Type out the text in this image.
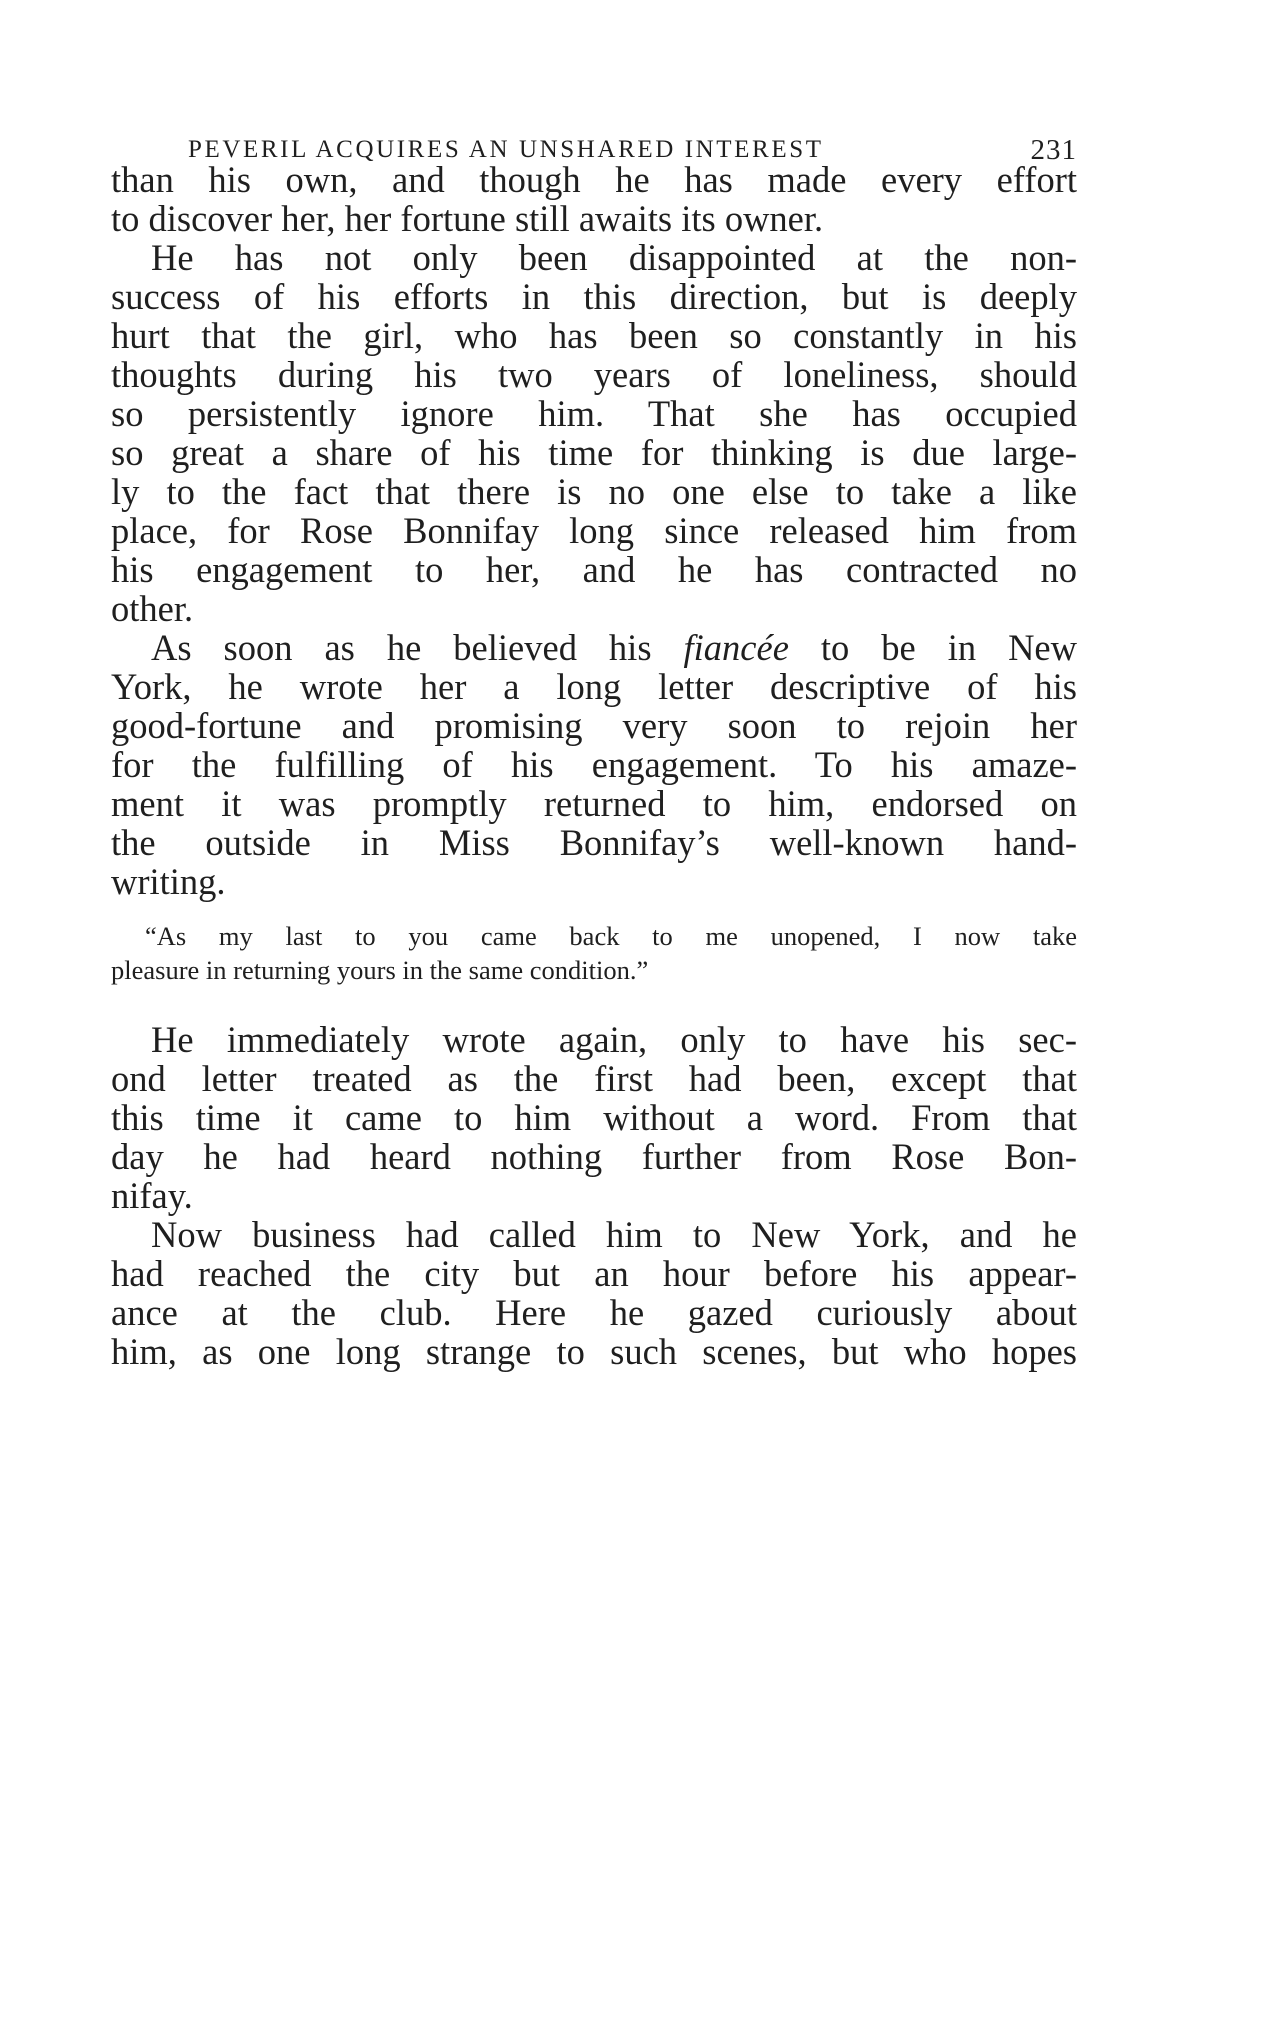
PEVERIL ACQUIRES AN UNSHARED INTEREST	231
than his own, and though he has made every effort
to discover her, her fortune still awaits its owner.
He has not only been disappointed at the non-
success of his efforts in this direction, but is deeply
hurt that the girl, who has been so constantly in his
thoughts during his two years of loneliness, should
so persistently ignore him. That she has occupied
so great a share of his time for thinking is due large-
ly to the fact that there is no one else to take a like
place, for Rose Bonnifay long since released him from
his engagement to her, and he has contracted no
other.
As soon as he believed his fiancée to be in New
York, he wrote her a long letter descriptive of his
good-fortune and promising very soon to rejoin her
for the fulfilling of his engagement. To his amaze-
ment it was promptly returned to him, endorsed on
the outside in Miss Bonnifay’s well-known hand-
writing.
“As my last to you came back to me unopened, I now take
pleasure in returning yours in the same condition.”
He immediately wrote again, only to have his sec-
ond letter treated as the first had been, except that
this time it came to him without a word. From that
day he had heard nothing further from Rose Bon-
nifay.
Now business had called him to New York, and he
had reached the city but an hour before his appear-
ance at the club. Here he gazed curiously about
him, as one long strange to such scenes, but who hopes
